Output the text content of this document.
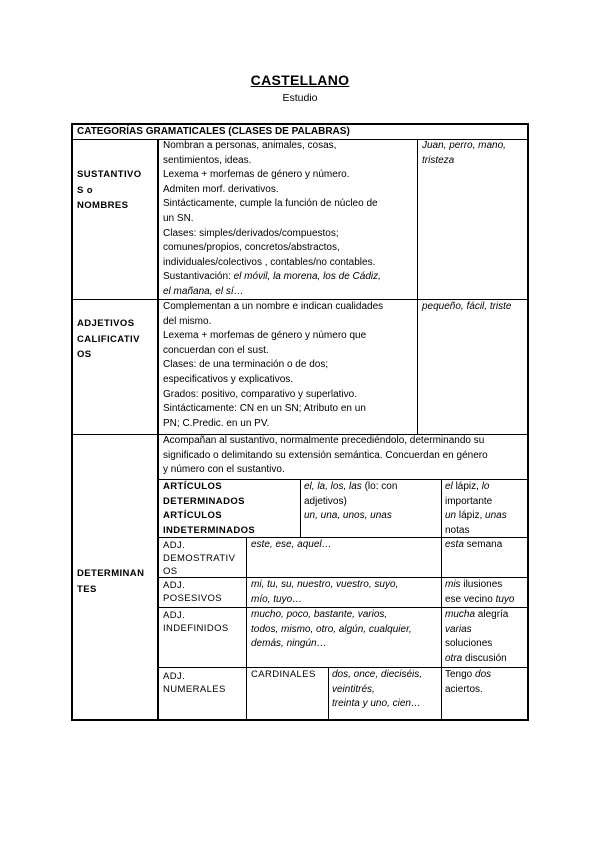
CASTELLANO
Estudio
CATEGORÍAS GRAMATICALES (CLASES DE PALABRAS)
SUSTANTIVO
S o
NOMBRES
Nombran a personas, animales, cosas,
sentimientos, ideas.
Lexema + morfemas de género y número.
Admiten morf. derivativos.
Sintácticamente, cumple la función de núcleo de
un SN.
Clases: simples/derivados/compuestos;
comunes/propios, concretos/abstractos,
individuales/colectivos , contables/no contables.
Sustantivación: el móvil, la morena, los de Cádiz,
el mañana, el sí…
Juan, perro, mano,
tristeza
ADJETIVOS
CALIFICATIV
OS
Complementan a un nombre e indican cualidades
del mismo.
Lexema + morfemas de género y número que
concuerdan con el sust.
Clases: de una terminación o de dos;
especificativos y explicativos.
Grados: positivo, comparativo y superlativo.
Sintácticamente: CN en un SN; Atributo en un
PN; C.Predic. en un PV.
pequeño, fácil, triste
DETERMINAN
TES
Acompañan al sustantivo, normalmente precediéndolo, determinando su
significado o delimitando su extensión semántica. Concuerdan en género
y número con el sustantivo.
ARTÍCULOS
DETERMINADOS
ARTÍCULOS
INDETERMINADOS
el, la, los, las (lo: con
adjetivos)
un, una, unos, unas
el lápiz, lo
importante
un lápiz, unas
notas
ADJ.
DEMOSTRATIV
OS
este, ese, aquel…	esta semana
ADJ.
POSESIVOS
mi, tu, su, nuestro, vuestro, suyo,
mío, tuyo…
mis ilusiones
ese vecino tuyo
ADJ.
INDEFINIDOS
mucho, poco, bastante, varios,
todos, mismo, otro, algún, cualquier,
demás, ningún…
mucha alegría
varias
soluciones
otra discusión
ADJ.
NUMERALES
CARDINALES	dos, once, dieciséis,
veintitrés,
treinta y uno, cien…
Tengo dos
aciertos.
